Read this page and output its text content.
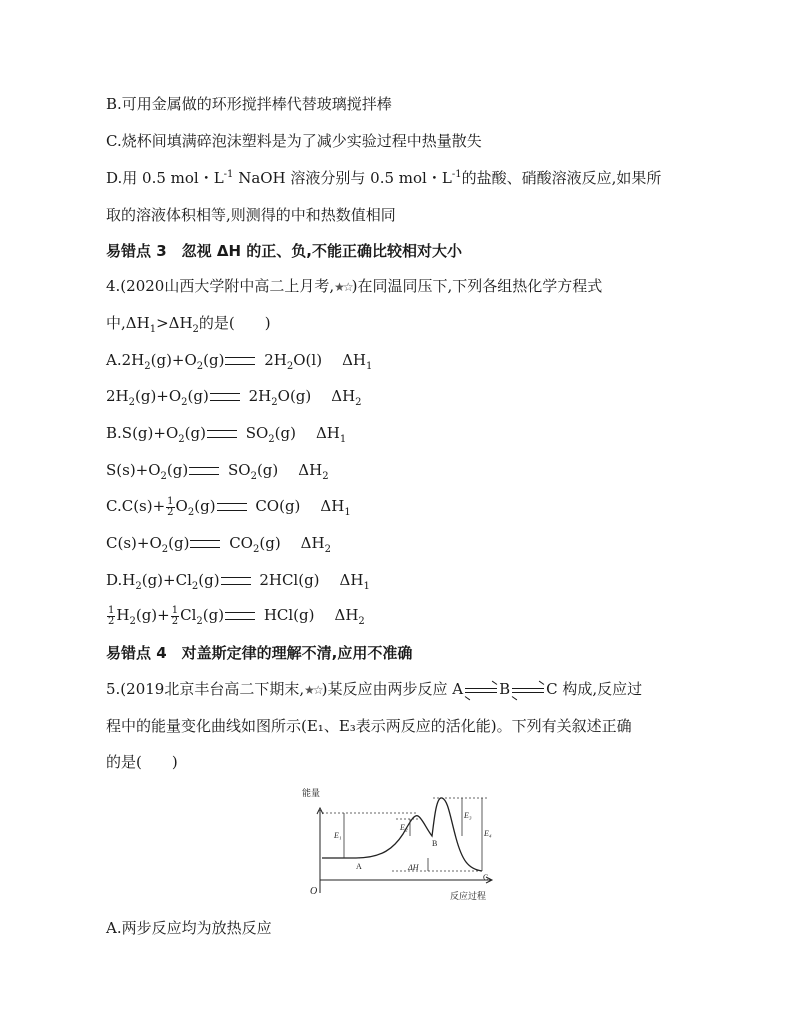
B.可用金属做的环形搅拌棒代替玻璃搅拌棒
C.烧杯间填满碎泡沫塑料是为了减少实验过程中热量散失
D.用 0.5 mol・$L^{-1}$ NaOH 溶液分别与 0.5 mol・$L^{-1}$的盐酸、硝酸溶液反应,如果所
取的溶液体积相等,则测得的中和热数值相同
易错点 3　忽视 ΔH 的正、负,不能正确比较相对大小
4.(2020山西大学附中高二上月考,★☆)在同温同压下,下列各组热化学方程式
中$,\Delta H_1>\Delta H_2$的是(　　)
$A.2H_2(g)+O_2(g)$ $2H_2O(l)$ $\Delta H_1$
$2H_2(g)+O_2(g)$ $2H_2O(g)$ $\Delta H_2$
$B.S(g)+O_2(g)$ $SO_2(g)$ $\Delta H_1$
$S(s)+O_2(g)$ $SO_2(g)$ $\Delta H_2$
$C.C(s)+ \frac{1}{2} O_2(g)$ CO(g) $\Delta H_1$
$C(s)+O_2(g)$ $CO_2(g)$ $\Delta H_2$
$D.H_2(g)+Cl_2(g)$ 2HCl(g) $\Delta H_1$
$\frac{1}{2} H_2(g)+ \frac{1}{2} Cl_2(g)$ HCl(g) $\Delta H_2$
易错点 4　对盖斯定律的理解不清,应用不准确
5.(2019北京丰台高二下期末,★☆)某反应由两步反应 A B C 构成,反应过
程中的能量变化曲线如图所示(E₁、E₃表示两反应的活化能)。下列有关叙述正确
的是(　　)
能量
O	反应过程
E₁
E₂
E₃
E₄
ΔH
A
B
C
A.两步反应均为放热反应
